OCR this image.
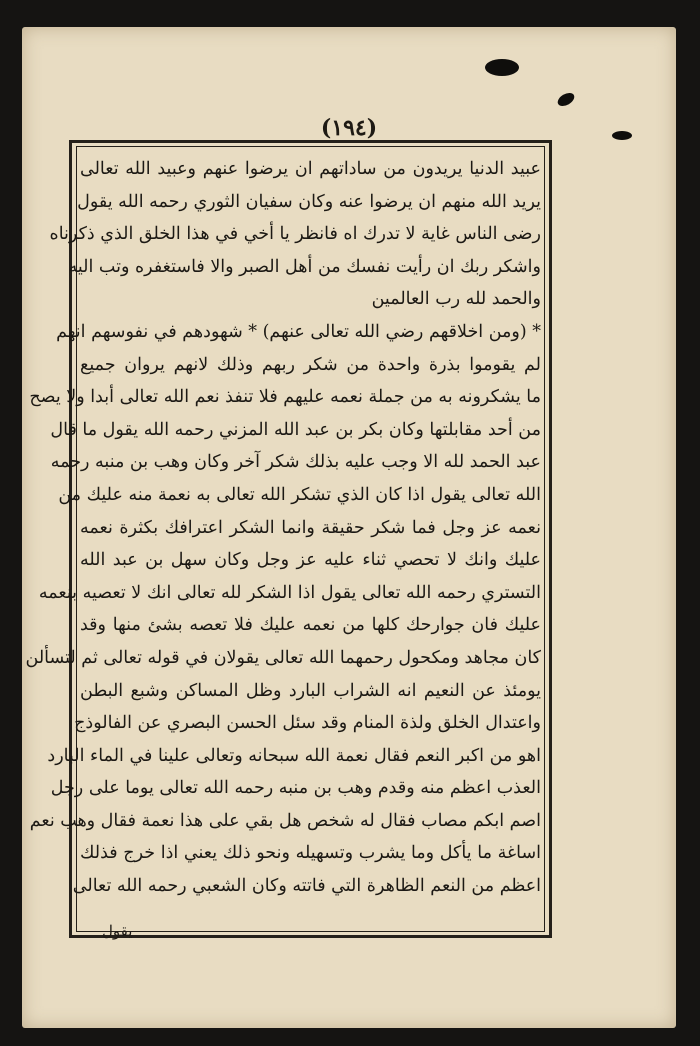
(١٩٤)
عبيد الدنيا يريدون من ساداتهم ان يرضوا عنهم وعبيد الله تعالى
يريد الله منهم ان يرضوا عنه وكان سفيان الثوري رحمه الله يقول
رضى الناس غاية لا تدرك اه فانظر يا أخي في هذا الخلق الذي ذكرناه
واشكر ربك ان رأيت نفسك من أهل الصبر والا فاستغفره وتب اليه
والحمد لله رب العالمين
* (ومن اخلاقهم رضي الله تعالى عنهم) * شهودهم في نفوسهم انهم
لم يقوموا بذرة واحدة من شكر ربهم وذلك لانهم يروان جميع
ما يشكرونه به من جملة نعمه عليهم فلا تنفذ نعم الله تعالى أبدا ولا يصح
من أحد مقابلتها وكان بكر بن عبد الله المزني رحمه الله يقول ما قال
عبد الحمد لله الا وجب عليه بذلك شكر آخر وكان وهب بن منبه رحمه
الله تعالى يقول اذا كان الذي تشكر الله تعالى به نعمة منه عليك من
نعمه عز وجل فما شكر حقيقة وانما الشكر اعترافك بكثرة نعمه
عليك وانك لا تحصي ثناء عليه عز وجل وكان سهل بن عبد الله
التستري رحمه الله تعالى يقول اذا الشكر لله تعالى انك لا تعصيه بنعمه
عليك فان جوارحك كلها من نعمه عليك فلا تعصه بشئ منها وقد
كان مجاهد ومكحول رحمهما الله تعالى يقولان في قوله تعالى ثم لتسألن
يومئذ عن النعيم انه الشراب البارد وظل المساكن وشبع البطن
واعتدال الخلق ولذة المنام وقد سئل الحسن البصري عن الفالوذج
اهو من اكبر النعم فقال نعمة الله سبحانه وتعالى علينا في الماء البارد
العذب اعظم منه وقدم وهب بن منبه رحمه الله تعالى يوما على رجل
اصم ابكم مصاب فقال له شخص هل بقي على هذا نعمة فقال وهب نعم
اساغة ما يأكل وما يشرب وتسهيله ونحو ذلك يعني اذا خرج فذلك
اعظم من النعم الظاهرة التي فاتته وكان الشعبي رحمه الله تعالى
يقول
